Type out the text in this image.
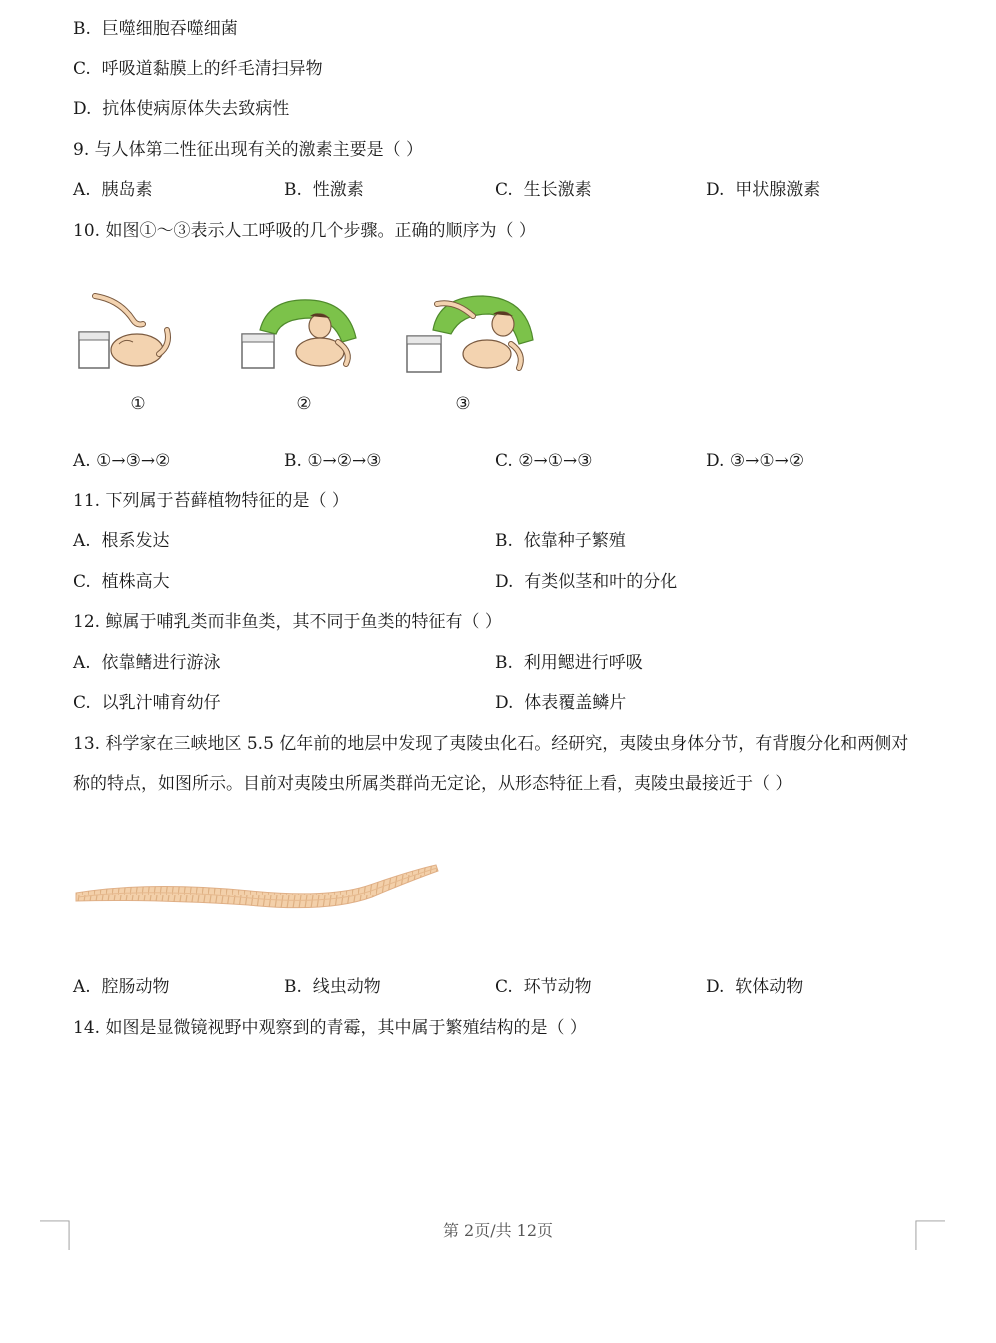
B. 巨噬细胞吞噬细菌
C. 呼吸道黏膜上的纤毛清扫异物
D. 抗体使病原体失去致病性
9. 与人体第二性征出现有关的激素主要是（ ）
A. 胰岛素	B. 性激素	C. 生长激素	D. 甲状腺激素
10. 如图①～③表示人工呼吸的几个步骤。正确的顺序为（ ）
①	②	③
A. ①→③→②	B. ①→②→③	C. ②→①→③	D. ③→①→②
11. 下列属于苔藓植物特征的是（ ）
A. 根系发达	B. 依靠种子繁殖
C. 植株高大	D. 有类似茎和叶的分化
12. 鲸属于哺乳类而非鱼类，其不同于鱼类的特征有（ ）
A. 依靠鳍进行游泳	B. 利用鳃进行呼吸
C. 以乳汁哺育幼仔	D. 体表覆盖鳞片
13. 科学家在三峡地区 5.5 亿年前的地层中发现了夷陵虫化石。经研究，夷陵虫身体分节，有背腹分化和两侧对称的特点，如图所示。目前对夷陵虫所属类群尚无定论，从形态特征上看，夷陵虫最接近于（ ）
A. 腔肠动物	B. 线虫动物	C. 环节动物	D. 软体动物
14. 如图是显微镜视野中观察到的青霉，其中属于繁殖结构的是（ ）
第 2页/共 12页
